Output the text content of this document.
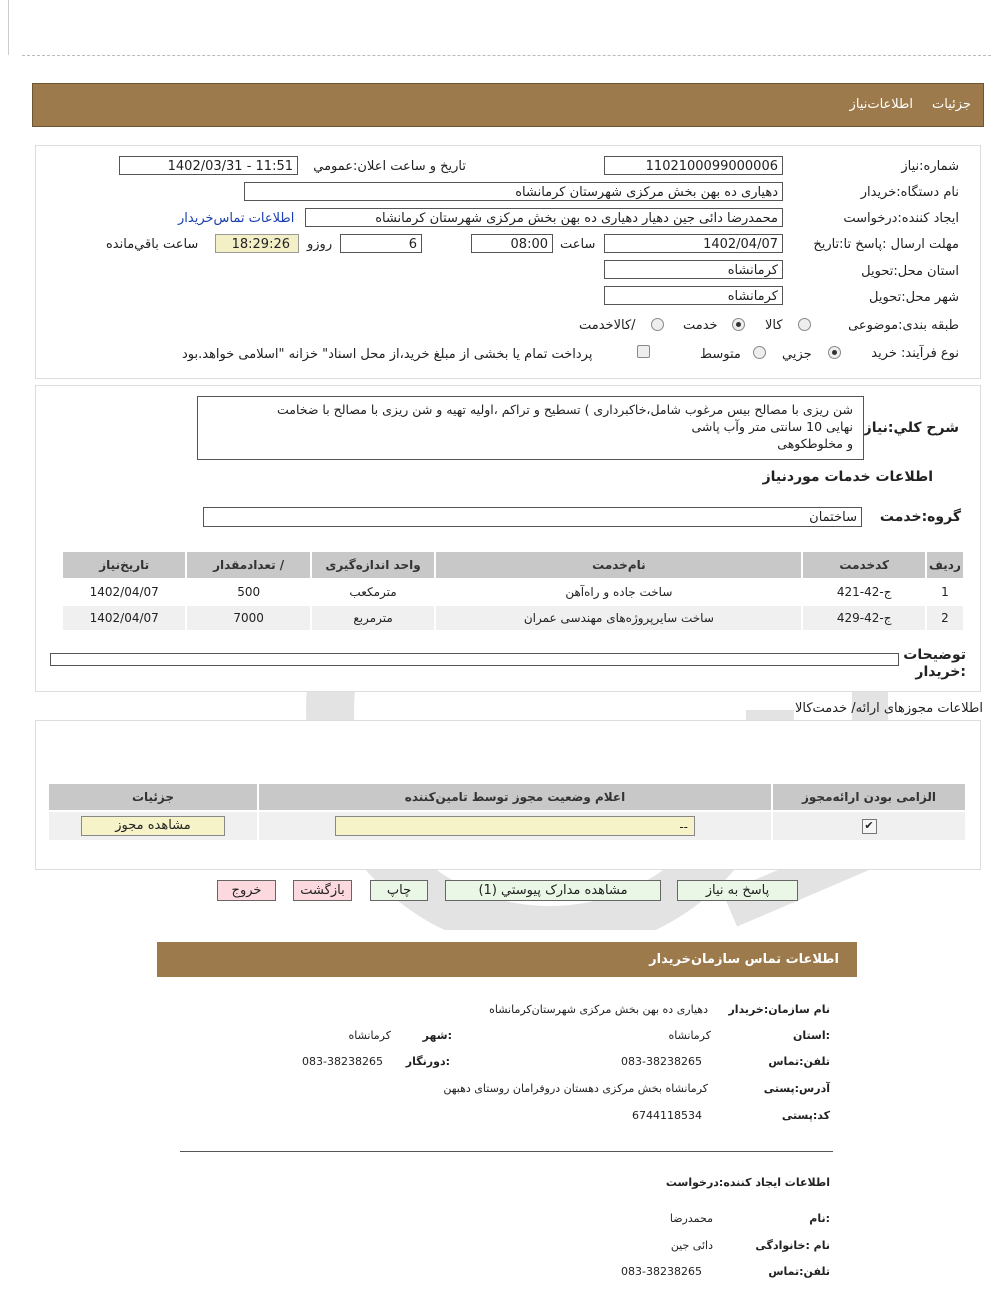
جزئیات
اطلاعات‌نیاز
شماره:نیاز
1102100099000006
تاریخ و ساعت اعلان:عمومي
1402/03/31 - 11:51
نام دستگاه:خریدار
دهیاری ده بهن بخش مرکزی شهرستان کرمانشاه
ایجاد کننده:درخواست
محمدرضا دائی جین دهیار دهیاری ده بهن بخش مرکزی شهرستان کرمانشاه
اطلاعات تماس‌خریدار
مهلت ارسال :پاسخ تا:تاریخ
1402/04/07
ساعت
08:00
6
روزو
18:29:26
ساعت باقي‌مانده
استان محل:تحویل
کرمانشاه
شهر محل:تحویل
کرمانشاه
طبقه بندی:موضوعی
کالا
خدمت
/کالاخدمت
نوع فرآیند: خرید
جزیي
متوسط
پرداخت تمام یا بخشی از مبلغ خرید،از محل اسناد" خزانه "اسلامی خواهد.بود
شرح کلي:نیاز
شن ریزی با مصالح بیس مرغوب شامل،خاکبرداری ) تسطیح و تراکم ،اولیه تهیه و شن ریزی با مصالح با ضخامت
نهایی 10 سانتی متر وآب پاشی
و مخلوطکوهی
اطلاعات خدمات موردنیاز
گروه:خدمت
ساختمان
ردیف	کدخدمت	نام‌خدمت	واحد اندازه‌گیری	/ تعدادمقدار	تاریخ‌نیاز
1	ج-42-421	ساخت جاده و راه‌آهن	مترمکعب	500	1402/04/07
2	ج-42-429	ساخت سایرپروژه‌های مهندسی عمران	مترمربع	7000	1402/04/07
توضیحات
:خریدار
اطلاعات مجوزهای ارائه/ خدمت‌کالا
الزامی بودن ارائه‌مجوز	اعلام وضعیت مجوز توسط تامین‌کننده	جزئیات
✔	--	مشاهده مجوز
پاسخ به نیاز
مشاهده مدارک پیوستي (1)
چاپ
بازگشت
خروج
اطلاعات تماس سازمان‌خریدار
نام سازمان:خریدار
دهیاری ده بهن بخش مرکزی شهرستان‌کرمانشاه
:استان
کرمانشاه
:شهر
کرمانشاه
تلفن:تماس
083-38238265
:دورنگار
083-38238265
آدرس:پستی
کرمانشاه بخش مرکزی دهستان دروفرامان روستای دهبهن
کد:پستی
6744118534
اطلاعات ایجاد کننده:درخواست
:نام
محمدرضا
نام :خانوادگی
دائی جین
تلفن:تماس
083-38238265
